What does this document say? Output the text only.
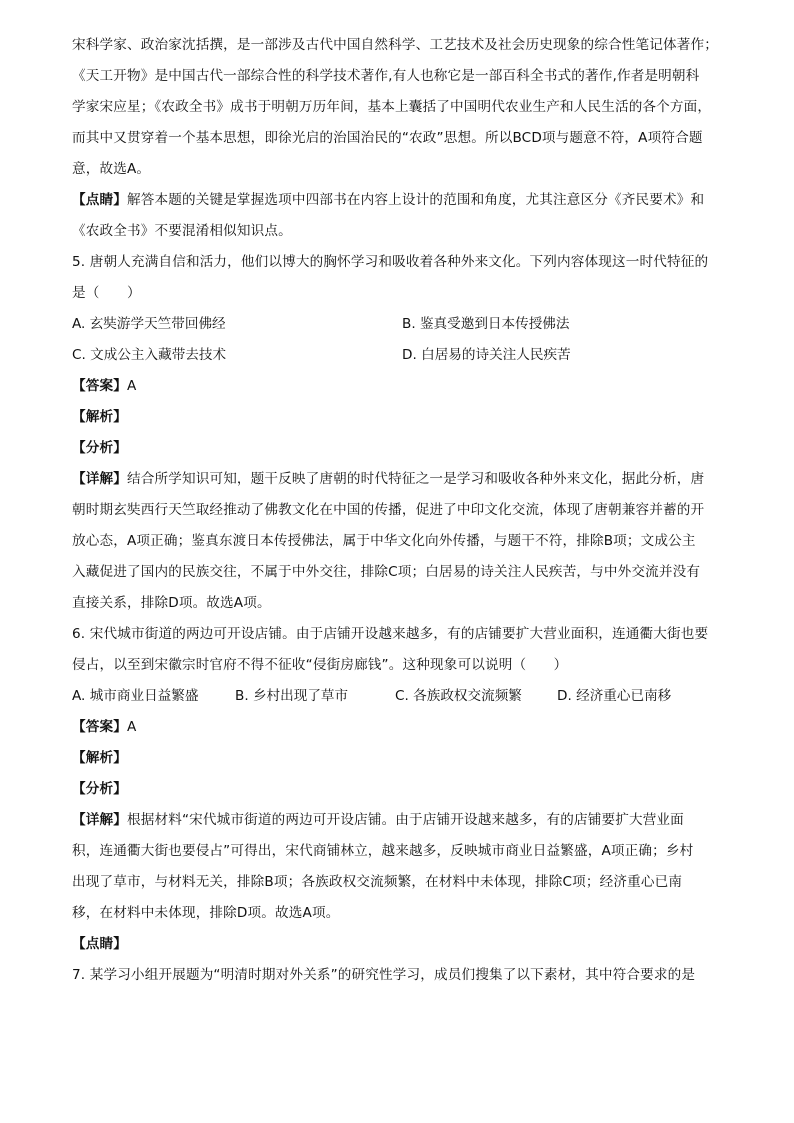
宋科学家、政治家沈括撰，是一部涉及古代中国自然科学、工艺技术及社会历史现象的综合性笔记体著作；
《天工开物》是中国古代一部综合性的科学技术著作,有人也称它是一部百科全书式的著作,作者是明朝科
学家宋应星；《农政全书》成书于明朝万历年间，基本上囊括了中国明代农业生产和人民生活的各个方面，
而其中又贯穿着一个基本思想，即徐光启的治国治民的“农政”思想。所以BCD项与题意不符，A项符合题
意，故选A。
【点睛】解答本题的关键是掌握选项中四部书在内容上设计的范围和角度，尤其注意区分《齐民要术》和
《农政全书》不要混淆相似知识点。
5. 唐朝人充满自信和活力，他们以博大的胸怀学习和吸收着各种外来文化。下列内容体现这一时代特征的
是（　　）
A. 玄奘游学天竺带回佛经	B. 鉴真受邀到日本传授佛法
C. 文成公主入藏带去技术	D. 白居易的诗关注人民疾苦
【答案】A
【解析】
【分析】
【详解】结合所学知识可知，题干反映了唐朝的时代特征之一是学习和吸收各种外来文化，据此分析，唐
朝时期玄奘西行天竺取经推动了佛教文化在中国的传播，促进了中印文化交流，体现了唐朝兼容并蓄的开
放心态，A项正确；鉴真东渡日本传授佛法，属于中华文化向外传播，与题干不符，排除B项；文成公主
入藏促进了国内的民族交往，不属于中外交往，排除C项；白居易的诗关注人民疾苦，与中外交流并没有
直接关系，排除D项。故选A项。
6. 宋代城市街道的两边可开设店铺。由于店铺开设越来越多，有的店铺要扩大营业面积，连通衢大街也要
侵占，以至到宋徽宗时官府不得不征收“侵街房廊钱”。这种现象可以说明（　　）
A. 城市商业日益繁盛	B. 乡村出现了草市	C. 各族政权交流频繁	D. 经济重心已南移
【答案】A
【解析】
【分析】
【详解】根据材料“宋代城市街道的两边可开设店铺。由于店铺开设越来越多，有的店铺要扩大营业面
积，连通衢大街也要侵占”可得出，宋代商铺林立，越来越多，反映城市商业日益繁盛，A项正确；乡村
出现了草市，与材料无关，排除B项；各族政权交流频繁，在材料中未体现，排除C项；经济重心已南
移，在材料中未体现，排除D项。故选A项。
【点睛】
7. 某学习小组开展题为“明清时期对外关系”的研究性学习，成员们搜集了以下素材，其中符合要求的是
